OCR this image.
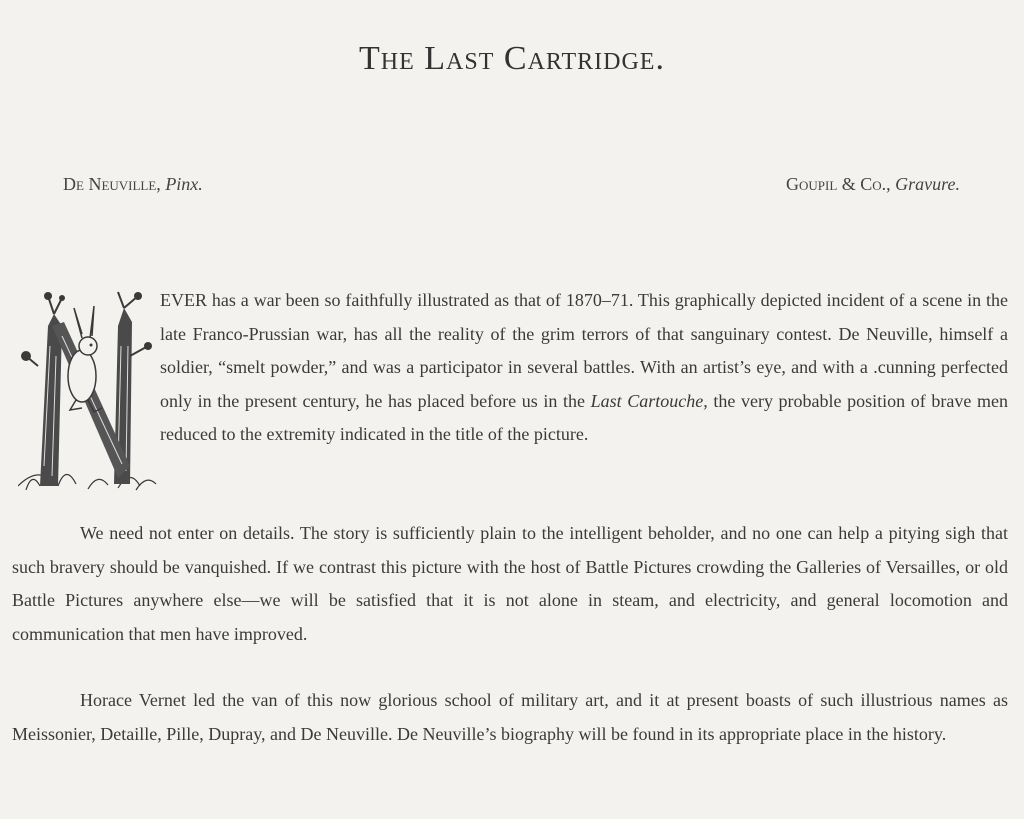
The Last Cartridge.
De Neuville, Pinx.	Goupil & Co., Gravure.
EVER has a war been so faithfully illustrated as that of 1870–71. This graphically depicted incident of a scene in the late Franco-Prussian war, has all the reality of the grim terrors of that sanguinary contest. De Neuville, himself a soldier, “smelt powder,” and was a participator in several battles. With an artist’s eye, and with a .cunning perfected only in the present century, he has placed before us in the Last Cartouche, the very probable position of brave men reduced to the extremity indicated in the title of the picture.
We need not enter on details. The story is sufficiently plain to the intelligent beholder, and no one can help a pitying sigh that such bravery should be vanquished. If we contrast this picture with the host of Battle Pictures crowding the Galleries of Versailles, or old Battle Pictures anywhere else—we will be satisfied that it is not alone in steam, and electricity, and general locomotion and communication that men have improved.
Horace Vernet led the van of this now glorious school of military art, and it at present boasts of such illustrious names as Meissonier, Detaille, Pille, Dupray, and De Neuville. De Neuville’s biography will be found in its appropriate place in the history.
